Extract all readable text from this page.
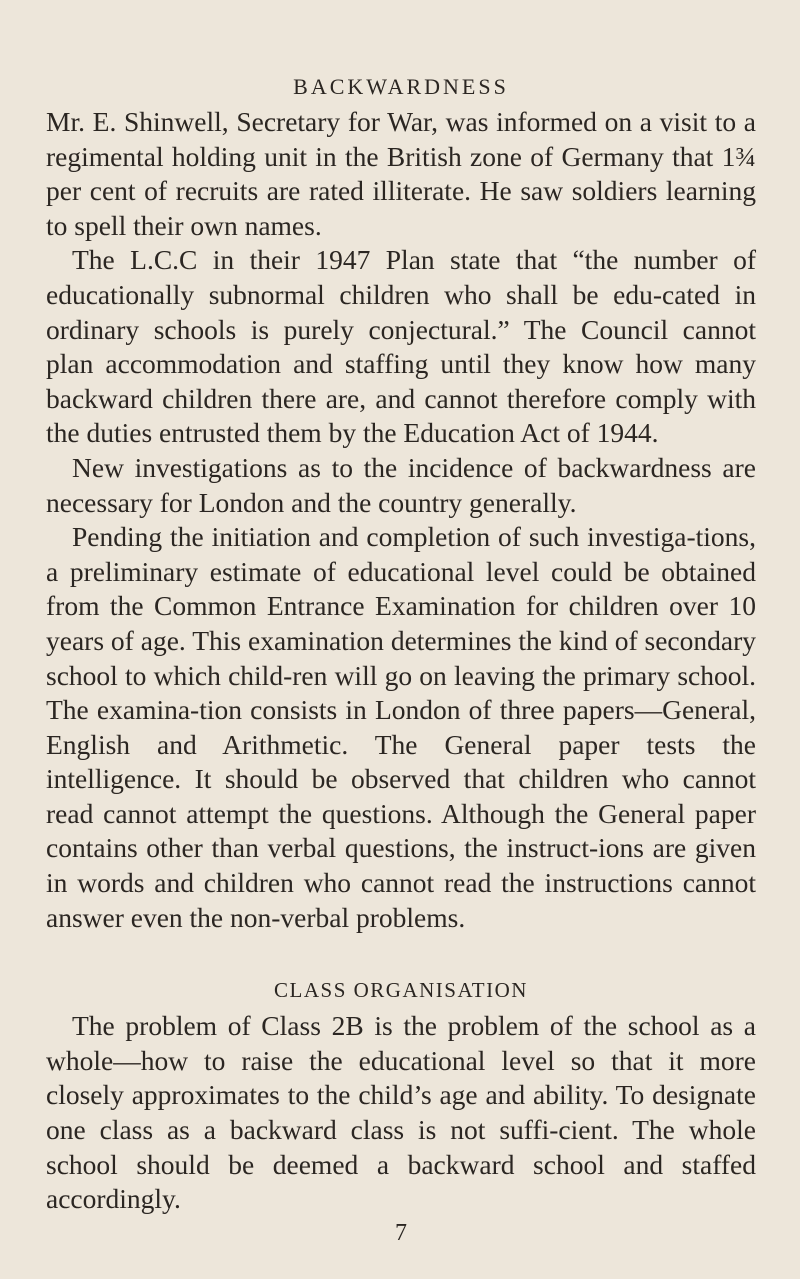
BACKWARDNESS

Mr. E. Shinwell, Secretary for War, was informed on a visit to a regimental holding unit in the British zone of Germany that 1¾ per cent of recruits are rated illiterate. He saw soldiers learning to spell their own names.

The L.C.C in their 1947 Plan state that “the number of educationally subnormal children who shall be edu-cated in ordinary schools is purely conjectural.” The Council cannot plan accommodation and staffing until they know how many backward children there are, and cannot therefore comply with the duties entrusted them by the Education Act of 1944.

New investigations as to the incidence of backwardness are necessary for London and the country generally.

Pending the initiation and completion of such investiga-tions, a preliminary estimate of educational level could be obtained from the Common Entrance Examination for children over 10 years of age. This examination determines the kind of secondary school to which child-ren will go on leaving the primary school. The examina-tion consists in London of three papers—General, English and Arithmetic. The General paper tests the intelligence. It should be observed that children who cannot read cannot attempt the questions. Although the General paper contains other than verbal questions, the instruct-ions are given in words and children who cannot read the instructions cannot answer even the non-verbal problems.

CLASS ORGANISATION

The problem of Class 2B is the problem of the school as a whole—how to raise the educational level so that it more closely approximates to the child’s age and ability. To designate one class as a backward class is not suffi-cient. The whole school should be deemed a backward school and staffed accordingly.

7
